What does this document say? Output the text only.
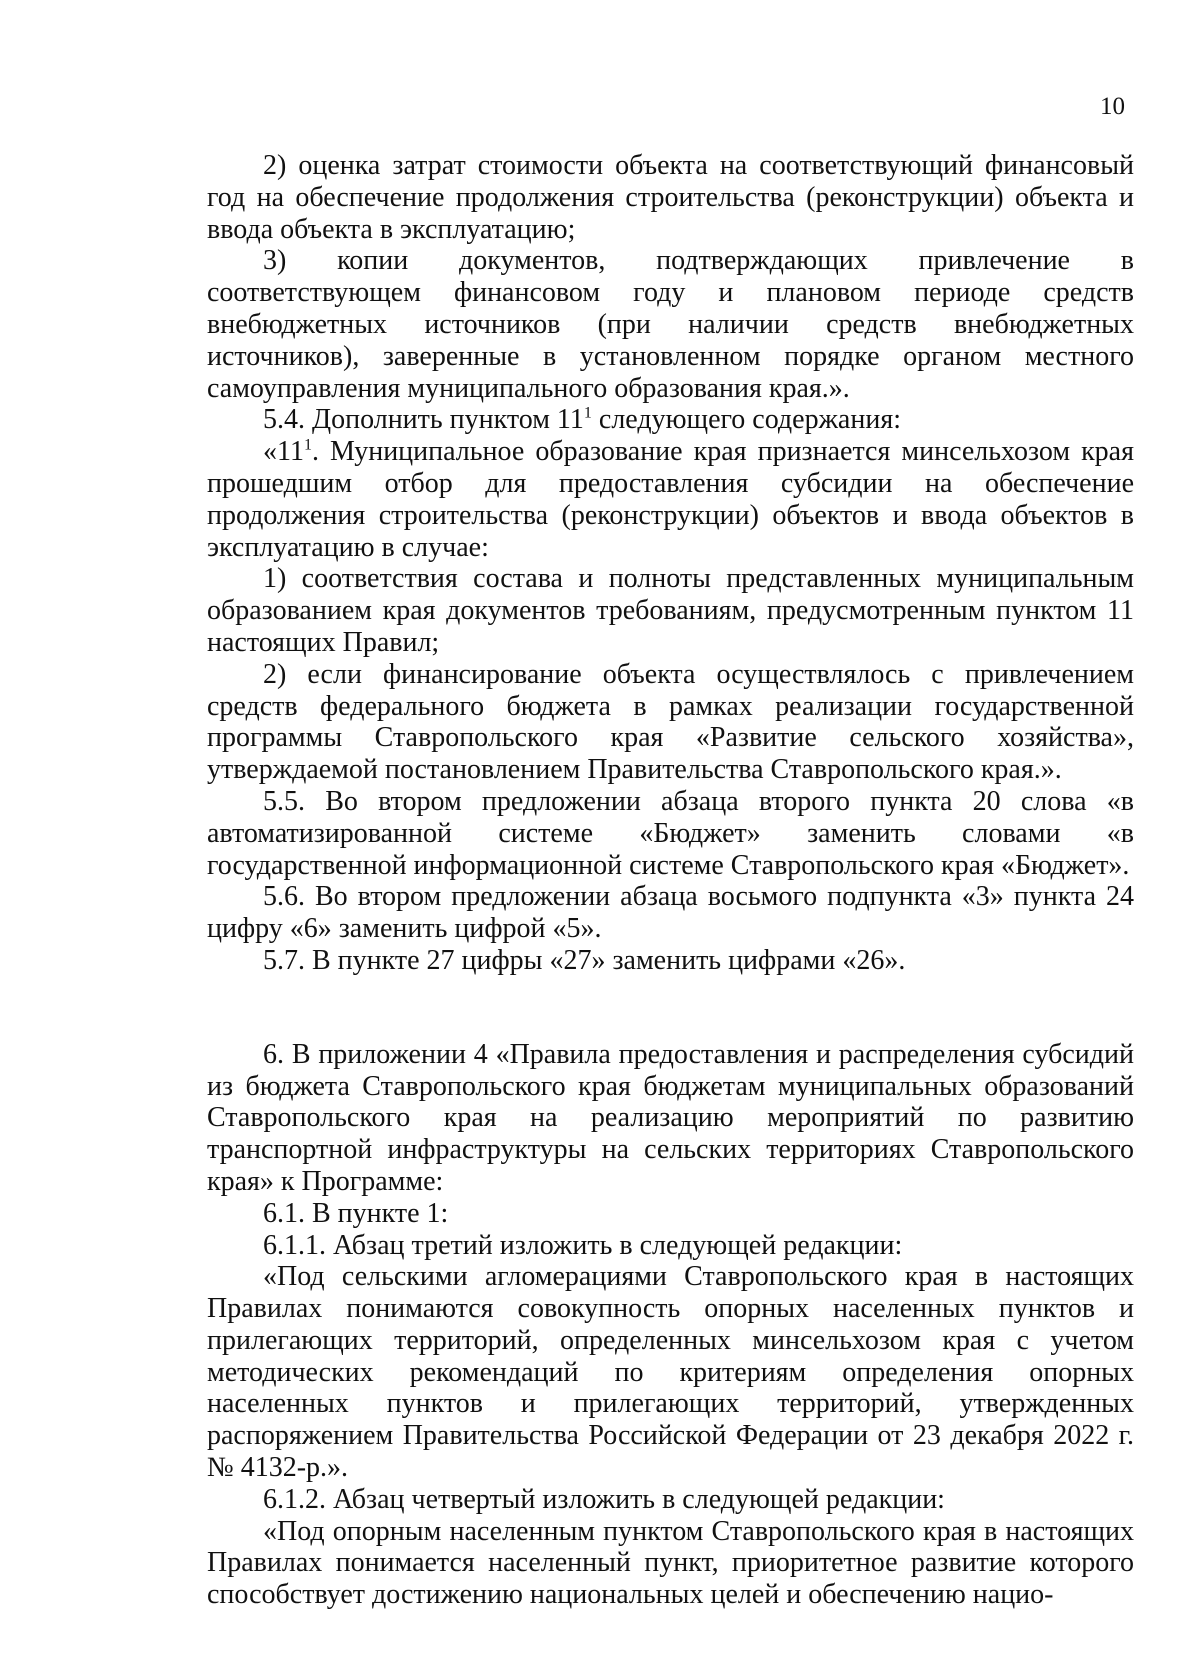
10

2) оценка затрат стоимости объекта на соответствующий финансовый год на обеспечение продолжения строительства (реконструкции) объекта и ввода объекта в эксплуатацию;

3) копии документов, подтверждающих привлечение в соответствующем финансовом году и плановом периоде средств внебюджетных источников (при наличии средств внебюджетных источников), заверенные в установленном порядке органом местного самоуправления муниципального образования края.».

5.4. Дополнить пунктом $11^1$ следующего содержания:

«$11^1$. Муниципальное образование края признается минсельхозом края прошедшим отбор для предоставления субсидии на обеспечение продолжения строительства (реконструкции) объектов и ввода объектов в эксплуатацию в случае:

1) соответствия состава и полноты представленных муниципальным образованием края документов требованиям, предусмотренным пунктом 11 настоящих Правил;

2) если финансирование объекта осуществлялось с привлечением средств федерального бюджета в рамках реализации государственной программы Ставропольского края «Развитие сельского хозяйства», утверждаемой постановлением Правительства Ставропольского края.».

5.5. Во втором предложении абзаца второго пункта 20 слова «в автоматизированной системе «Бюджет» заменить словами «в государственной информационной системе Ставропольского края «Бюджет».

5.6. Во втором предложении абзаца восьмого подпункта «3» пункта 24 цифру «6» заменить цифрой «5».

5.7. В пункте 27 цифры «27» заменить цифрами «26».

6. В приложении 4 «Правила предоставления и распределения субсидий из бюджета Ставропольского края бюджетам муниципальных образований Ставропольского края на реализацию мероприятий по развитию транспортной инфраструктуры на сельских территориях Ставропольского края» к Программе:

6.1. В пункте 1:

6.1.1. Абзац третий изложить в следующей редакции:

«Под сельскими агломерациями Ставропольского края в настоящих Правилах понимаются совокупность опорных населенных пунктов и прилегающих территорий, определенных минсельхозом края с учетом методических рекомендаций по критериям определения опорных населенных пунктов и прилегающих территорий, утвержденных распоряжением Правительства Российской Федерации от 23 декабря 2022 г. № 4132-р.».

6.1.2. Абзац четвертый изложить в следующей редакции:

«Под опорным населенным пунктом Ставропольского края в настоящих Правилах понимается населенный пункт, приоритетное развитие которого способствует достижению национальных целей и обеспечению нацио-
